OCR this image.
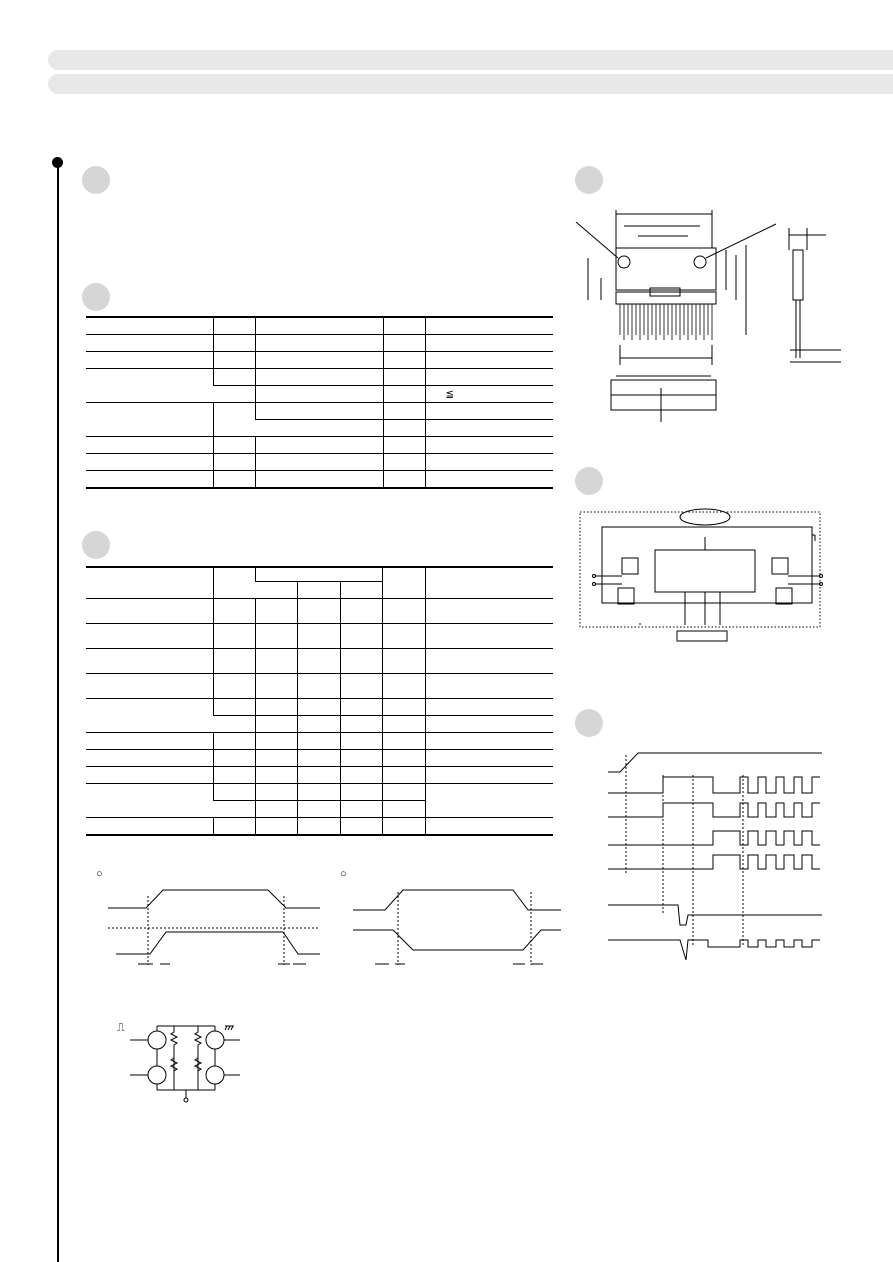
				≦

○	○
⎍
